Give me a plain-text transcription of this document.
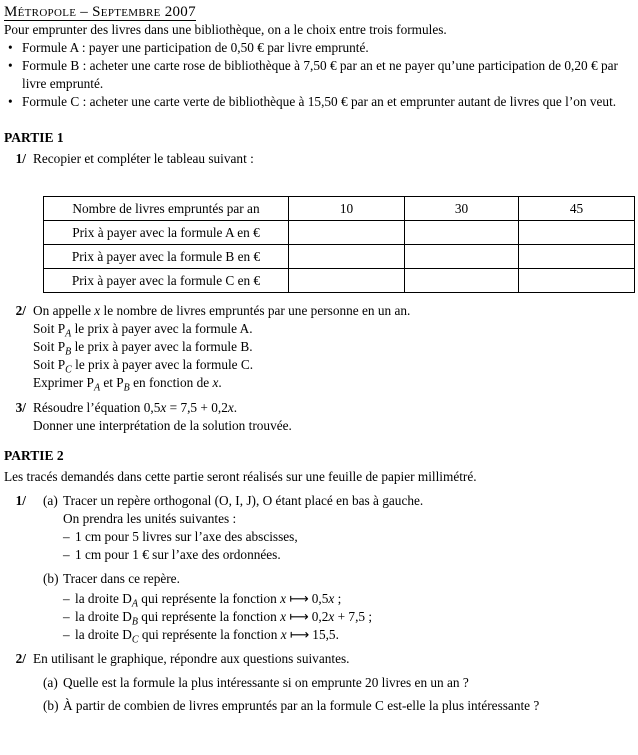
Métropole – Septembre 2007

Pour emprunter des livres dans une bibliothèque, on a le choix entre trois formules.

• Formule A : payer une participation de 0,50 € par livre emprunté.
• Formule B : acheter une carte rose de bibliothèque à 7,50 € par an et ne payer qu’une participation de 0,20 € par livre emprunté.
• Formule C : acheter une carte verte de bibliothèque à 15,50 € par an et emprunter autant de livres que l’on veut.
PARTIE 1
1/ Recopier et compléter le tableau suivant :
Nombre de livres empruntés par an	10	30	45
Prix à payer avec la formule A en €			
Prix à payer avec la formule B en €			
Prix à payer avec la formule C en €			
2/ On appelle x le nombre de livres empruntés par une personne en un an.
Soit $P_A$ le prix à payer avec la formule A.
Soit $P_B$ le prix à payer avec la formule B.
Soit $P_C$ le prix à payer avec la formule C.
Exprimer $P_A$ et $P_B$ en fonction de x.
3/ Résoudre l’équation 0,5x = 7,5 + 0,2x.
Donner une interprétation de la solution trouvée.
PARTIE 2

Les tracés demandés dans cette partie seront réalisés sur une feuille de papier millimétré.

1/ (a) Tracer un repère orthogonal (O, I, J), O étant placé en bas à gauche.
On prendra les unités suivantes :
– 1 cm pour 5 livres sur l’axe des abscisses,
– 1 cm pour 1 € sur l’axe des ordonnées.
(b) Tracer dans ce repère.
– la droite $D_A$ qui représente la fonction x ⟼ 0,5x ;
– la droite $D_B$ qui représente la fonction x ⟼ 0,2x + 7,5 ;
– la droite $D_C$ qui représente la fonction x ⟼ 15,5.
2/ En utilisant le graphique, répondre aux questions suivantes.
(a) Quelle est la formule la plus intéressante si on emprunte 20 livres en un an ?
(b) À partir de combien de livres empruntés par an la formule C est-elle la plus intéressante ?
